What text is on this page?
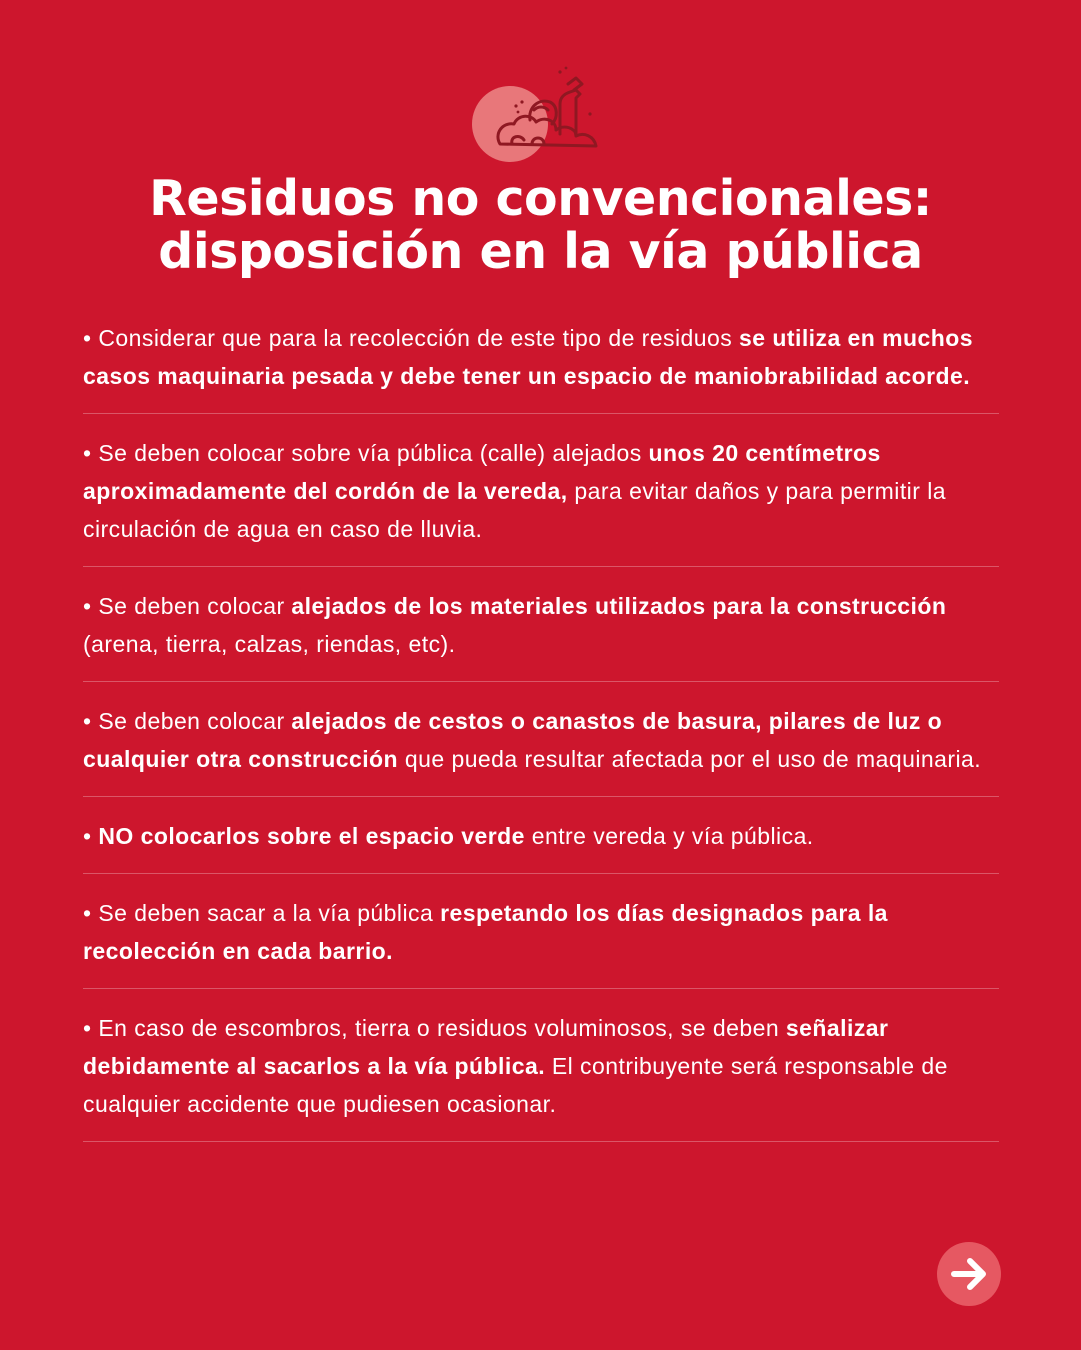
Residuos no convencionales:
disposición en la vía pública
• Considerar que para la recolección de este tipo de residuos se utiliza en muchos casos maquinaria pesada y debe tener un espacio de maniobrabilidad acorde.
• Se deben colocar sobre vía pública (calle) alejados unos 20 centímetros aproximadamente del cordón de la vereda, para evitar daños y para permitir la circulación de agua en caso de lluvia.
• Se deben colocar alejados de los materiales utilizados para la construcción (arena, tierra, calzas, riendas, etc).
• Se deben colocar alejados de cestos o canastos de basura, pilares de luz o cualquier otra construcción que pueda resultar afectada por el uso de maquinaria.
• NO colocarlos sobre el espacio verde entre vereda y vía pública.
• Se deben sacar a la vía pública respetando los días designados para la recolección en cada barrio.
• En caso de escombros, tierra o residuos voluminosos, se deben señalizar debidamente al sacarlos a la vía pública. El contribuyente será responsable de cualquier accidente que pudiesen ocasionar.
